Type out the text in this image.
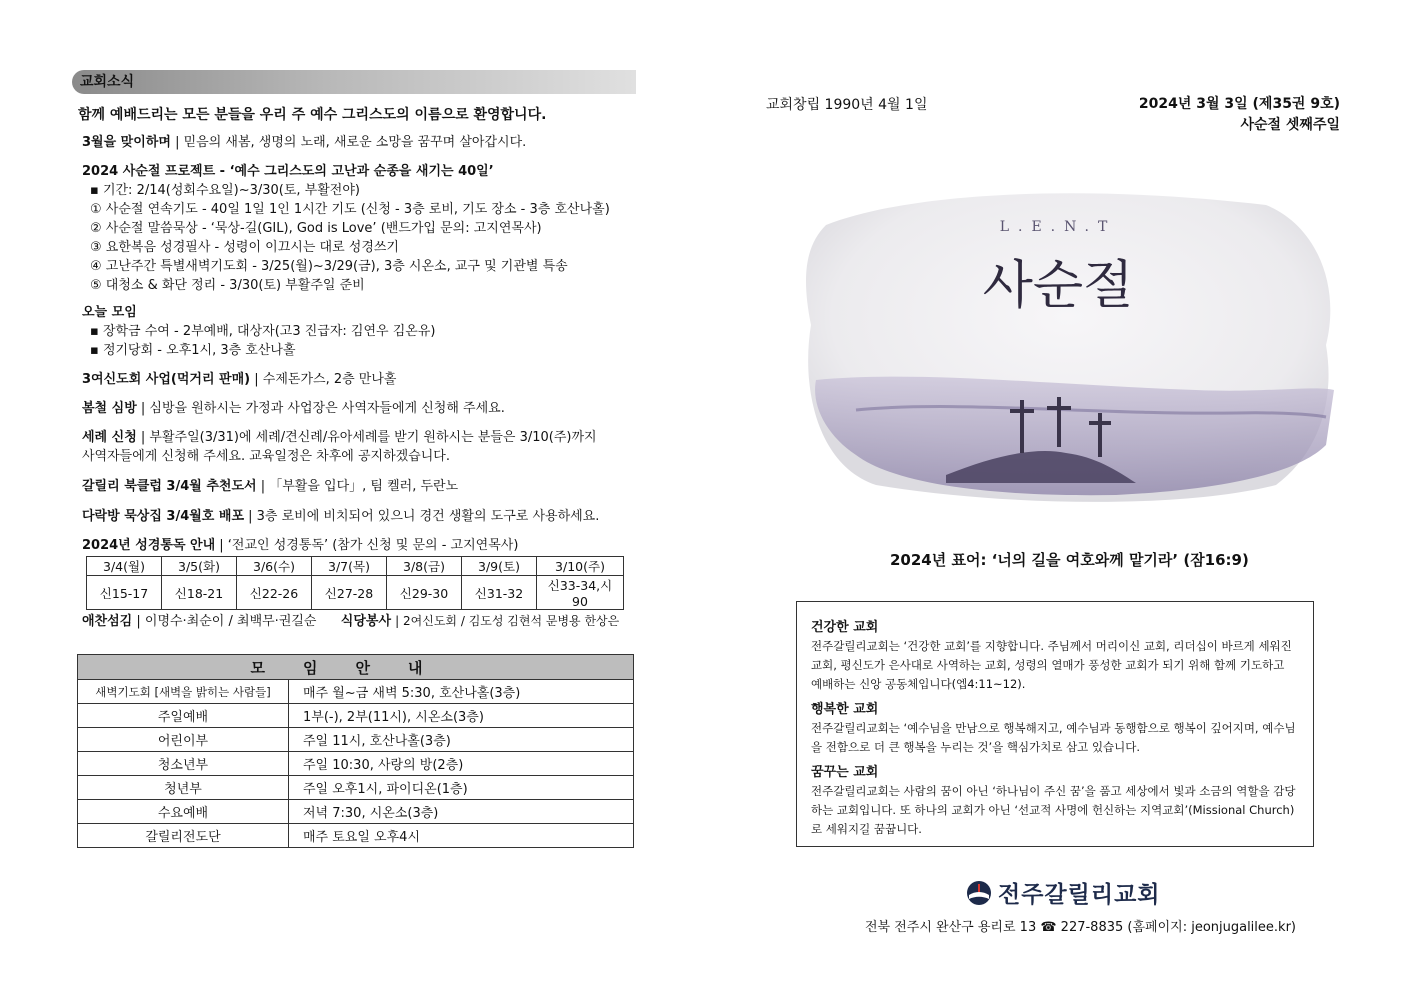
교회소식
함께 예배드리는 모든 분들을 우리 주 예수 그리스도의 이름으로 환영합니다.
3월을 맞이하며 | 믿음의 새봄, 생명의 노래, 새로운 소망을 꿈꾸며 살아갑시다.
2024 사순절 프로젝트 - ‘예수 그리스도의 고난과 순종을 새기는 40일’
▪ 기간: 2/14(성회수요일)~3/30(토, 부활전야)
① 사순절 연속기도 - 40일 1일 1인 1시간 기도 (신청 - 3층 로비, 기도 장소 - 3층 호산나홀)
② 사순절 말씀묵상 - ‘묵상-길(GIL), God is Love’ (밴드가입 문의: 고지연목사)
③ 요한복음 성경필사 - 성령이 이끄시는 대로 성경쓰기
④ 고난주간 특별새벽기도회 - 3/25(월)~3/29(금), 3층 시온소, 교구 및 기관별 특송
⑤ 대청소 & 화단 정리 - 3/30(토) 부활주일 준비
오늘 모임
▪ 장학금 수여 - 2부예배, 대상자(고3 진급자: 김연우 김온유)
▪ 정기당회 - 오후1시, 3층 호산나홀
3여신도회 사업(먹거리 판매) | 수제돈가스, 2층 만나홀
봄철 심방 | 심방을 원하시는 가정과 사업장은 사역자들에게 신청해 주세요.
세례 신청 | 부활주일(3/31)에 세례/견신례/유아세례를 받기 원하시는 분들은 3/10(주)까지
사역자들에게 신청해 주세요. 교육일정은 차후에 공지하겠습니다.
갈릴리 북클럽 3/4월 추천도서 | 「부활을 입다」, 팀 켈러, 두란노
다락방 묵상집 3/4월호 배포 | 3층 로비에 비치되어 있으니 경건 생활의 도구로 사용하세요.
2024년 성경통독 안내 | ‘전교인 성경통독’ (참가 신청 및 문의 - 고지연목사)
3/4(월)	3/5(화)	3/6(수)	3/7(목)	3/8(금)	3/9(토)	3/10(주)
신15-17	신18-21	신22-26	신27-28	신29-30	신31-32	신33-34,시90
애찬섬김 | 이명수·최순이 / 최백무·권길순 식당봉사 | 2여신도회 / 김도성 김현석 문병용 한상은
모임안내	
새벽기도회 [새벽을 밝히는 사람들]	매주 월~금 새벽 5:30, 호산나홀(3층)
주일예배	1부(-), 2부(11시), 시온소(3층)
어린이부	주일 11시, 호산나홀(3층)
청소년부	주일 10:30, 사랑의 방(2층)
청년부	주일 오후1시, 파이디온(1층)
수요예배	저녁 7:30, 시온소(3층)
갈릴리전도단	매주 토요일 오후4시
교회창립 1990년 4월 1일	2024년 3월 3일 (제35권 9호)
사순절 셋째주일
L.E.N.T
사순절
2024년 표어: ‘너의 길을 여호와께 맡기라’ (잠16:9)
건강한 교회

전주갈릴리교회는 ‘건강한 교회’를 지향합니다. 주님께서 머리이신 교회, 리더십이 바르게 세워진 교회, 평신도가 은사대로 사역하는 교회, 성령의 열매가 풍성한 교회가 되기 위해 함께 기도하고 예배하는 신앙 공동체입니다(엡4:11~12).

행복한 교회

전주갈릴리교회는 ‘예수님을 만남으로 행복해지고, 예수님과 동행함으로 행복이 깊어지며, 예수님을 전함으로 더 큰 행복을 누리는 것’을 핵심가치로 삼고 있습니다.

꿈꾸는 교회

전주갈릴리교회는 사람의 꿈이 아닌 ‘하나님이 주신 꿈’을 품고 세상에서 빛과 소금의 역할을 감당하는 교회입니다. 또 하나의 교회가 아닌 ‘선교적 사명에 헌신하는 지역교회’(Missional Church)로 세워지길 꿈꿉니다.

전주갈릴리교회
전북 전주시 완산구 용리로 13 ☎ 227-8835 (홈페이지: jeonjugalilee.kr)
